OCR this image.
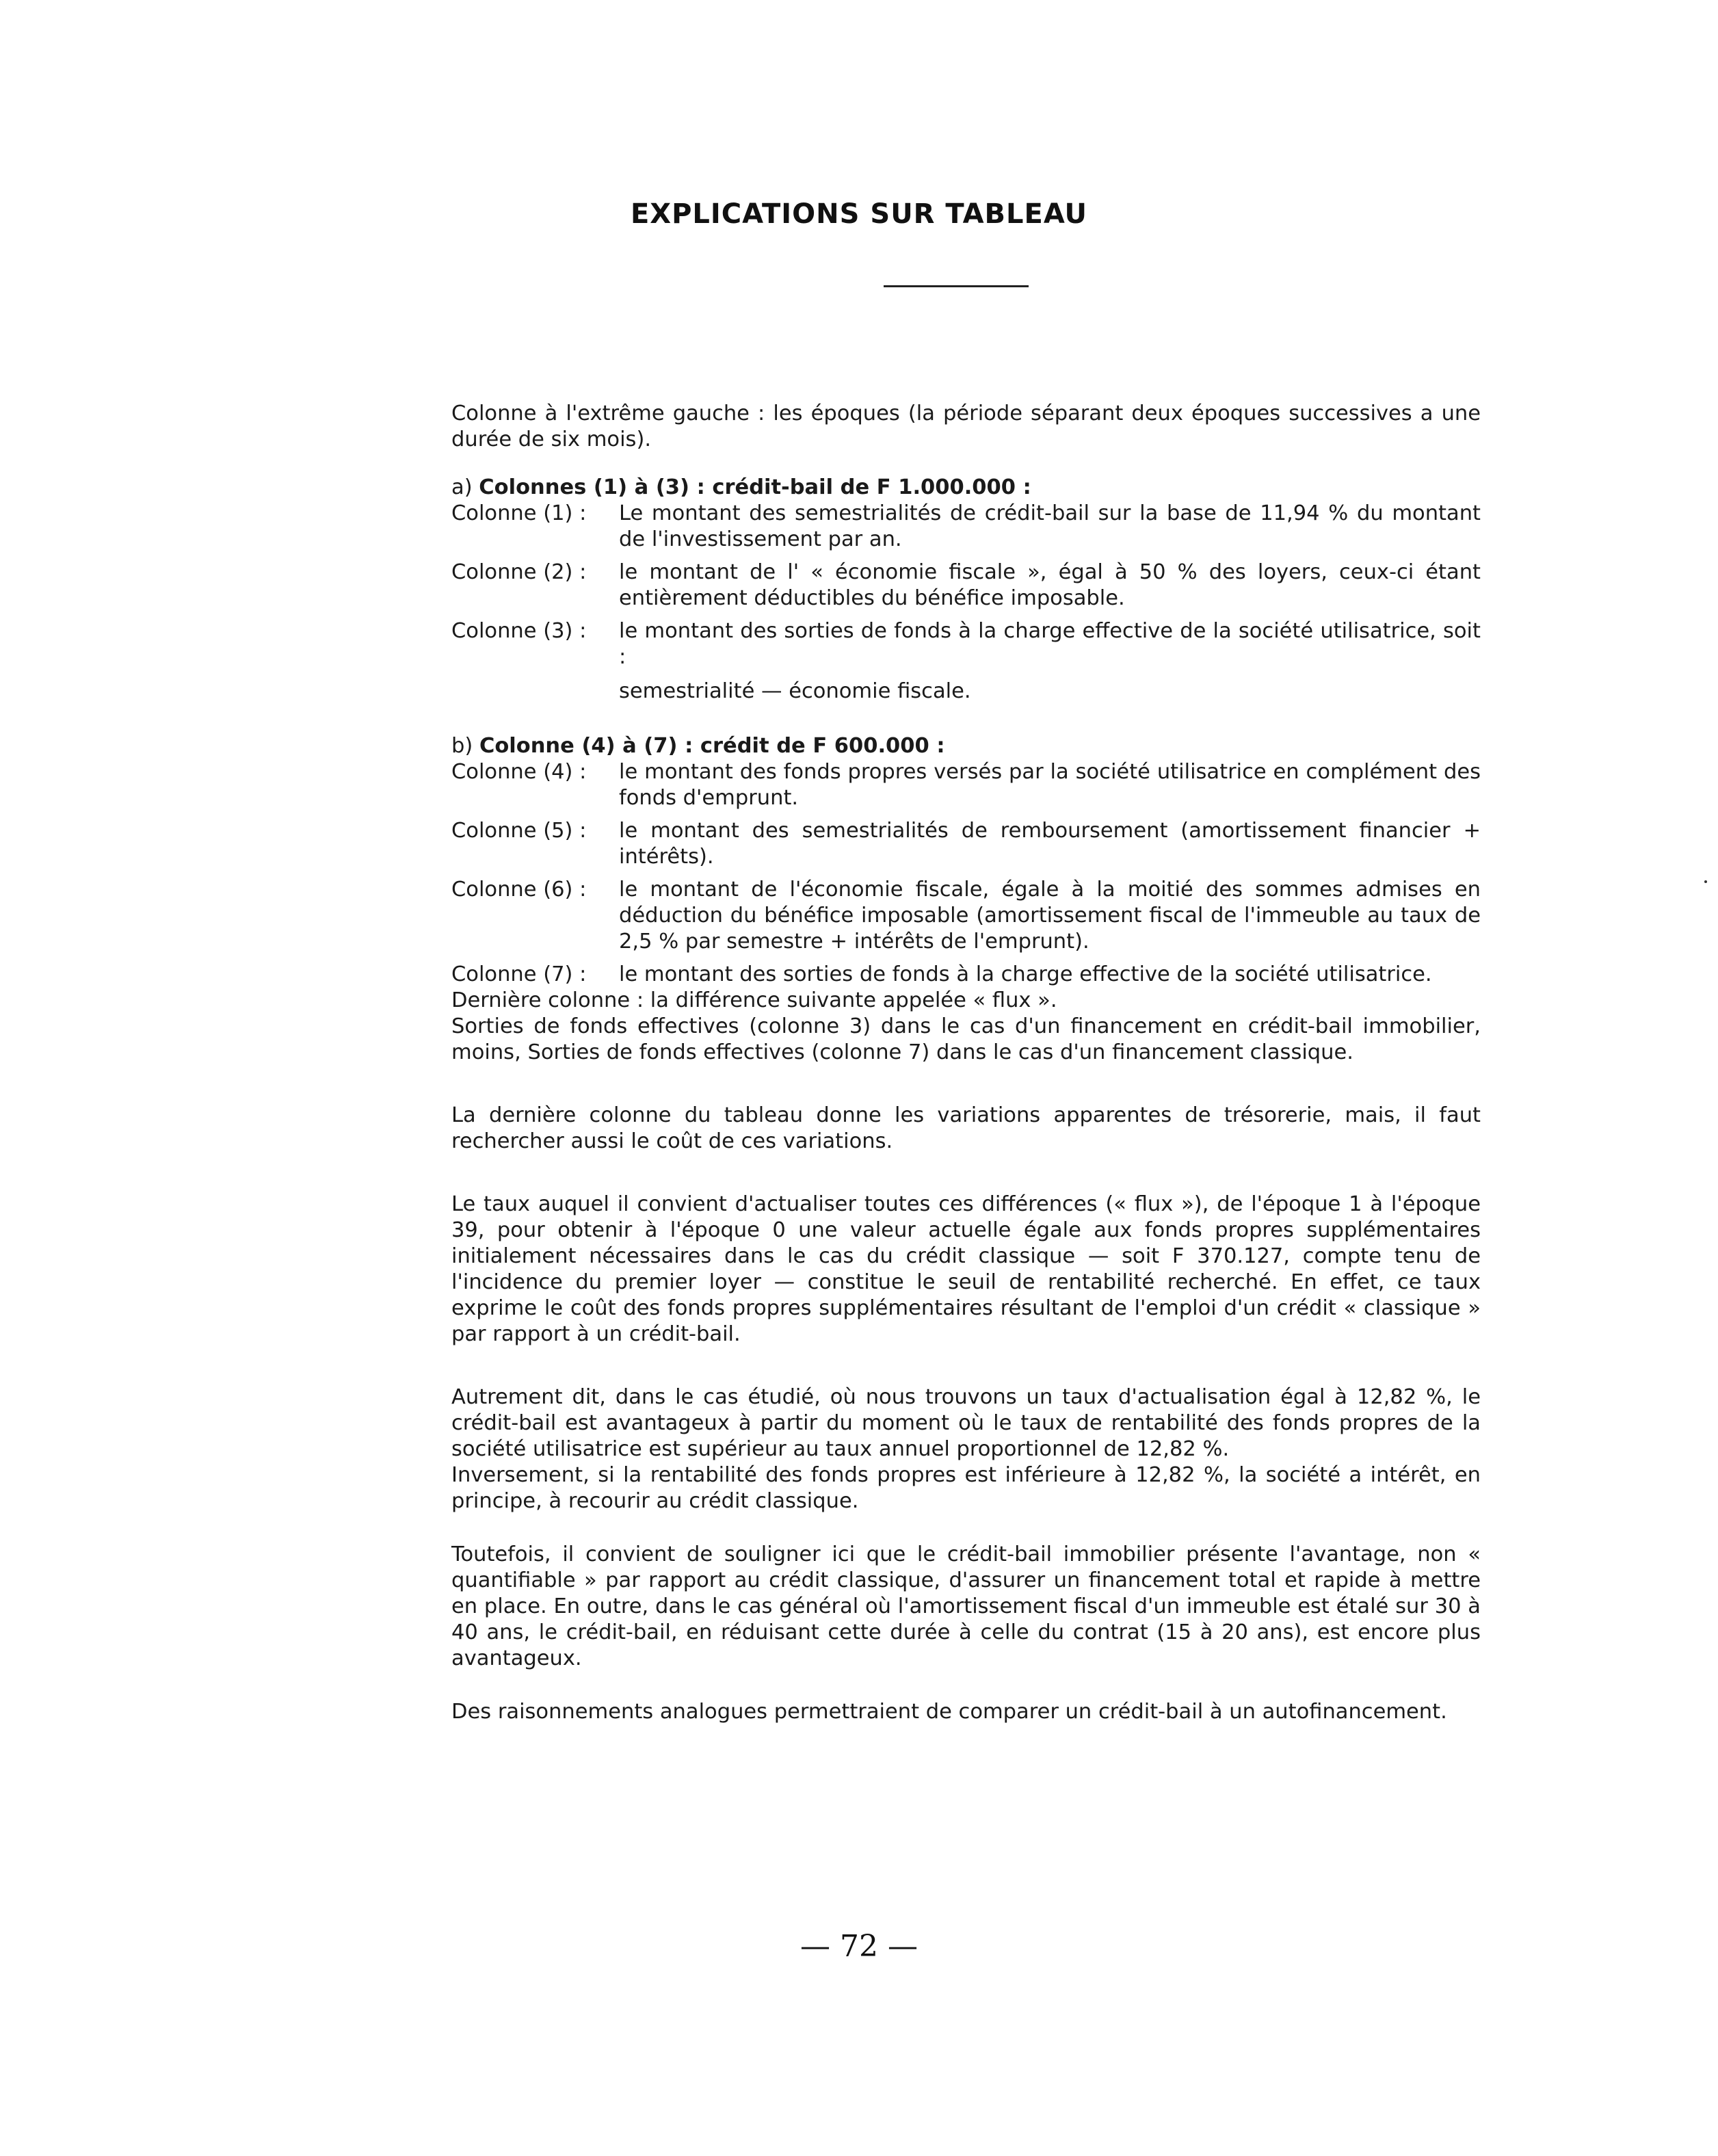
EXPLICATIONS SUR TABLEAU

Colonne à l'extrême gauche : les époques (la période séparant deux époques successives a une durée de six mois).

a) Colonnes (1) à (3) : crédit-bail de F 1.000.000 :

Colonne (1) :	Le montant des semestrialités de crédit-bail sur la base de 11,94 % du montant de l'investissement par an.
Colonne (2) :	le montant de l' « économie fiscale », égal à 50 % des loyers, ceux-ci étant entièrement déductibles du bénéfice imposable.
Colonne (3) :	le montant des sorties de fonds à la charge effective de la société utilisatrice, soit :
semestrialité — économie fiscale.

b) Colonne (4) à (7) : crédit de F 600.000 :

Colonne (4) :	le montant des fonds propres versés par la société utilisatrice en complément des fonds d'emprunt.
Colonne (5) :	le montant des semestrialités de remboursement (amortissement financier + intérêts).
Colonne (6) :	le montant de l'économie fiscale, égale à la moitié des sommes admises en déduction du bénéfice imposable (amortissement fiscal de l'immeuble au taux de 2,5 % par semestre + intérêts de l'emprunt).
Colonne (7) :	le montant des sorties de fonds à la charge effective de la société utilisatrice.

Dernière colonne : la différence suivante appelée « flux ».

Sorties de fonds effectives (colonne 3) dans le cas d'un financement en crédit-bail immobilier, moins, Sorties de fonds effectives (colonne 7) dans le cas d'un financement classique.

La dernière colonne du tableau donne les variations apparentes de trésorerie, mais, il faut rechercher aussi le coût de ces variations.

Le taux auquel il convient d'actualiser toutes ces différences (« flux »), de l'époque 1 à l'époque 39, pour obtenir à l'époque 0 une valeur actuelle égale aux fonds propres supplémentaires initialement nécessaires dans le cas du crédit classique — soit F 370.127, compte tenu de l'incidence du premier loyer — constitue le seuil de rentabilité recherché. En effet, ce taux exprime le coût des fonds propres supplémentaires résultant de l'emploi d'un crédit « classique » par rapport à un crédit-bail.

Autrement dit, dans le cas étudié, où nous trouvons un taux d'actualisation égal à 12,82 %, le crédit-bail est avantageux à partir du moment où le taux de rentabilité des fonds propres de la société utilisatrice est supérieur au taux annuel proportionnel de 12,82 %.

Inversement, si la rentabilité des fonds propres est inférieure à 12,82 %, la société a intérêt, en principe, à recourir au crédit classique.

Toutefois, il convient de souligner ici que le crédit-bail immobilier présente l'avantage, non « quantifiable » par rapport au crédit classique, d'assurer un financement total et rapide à mettre en place. En outre, dans le cas général où l'amortissement fiscal d'un immeuble est étalé sur 30 à 40 ans, le crédit-bail, en réduisant cette durée à celle du contrat (15 à 20 ans), est encore plus avantageux.

Des raisonnements analogues permettraient de comparer un crédit-bail à un autofinancement.

— 72 —
